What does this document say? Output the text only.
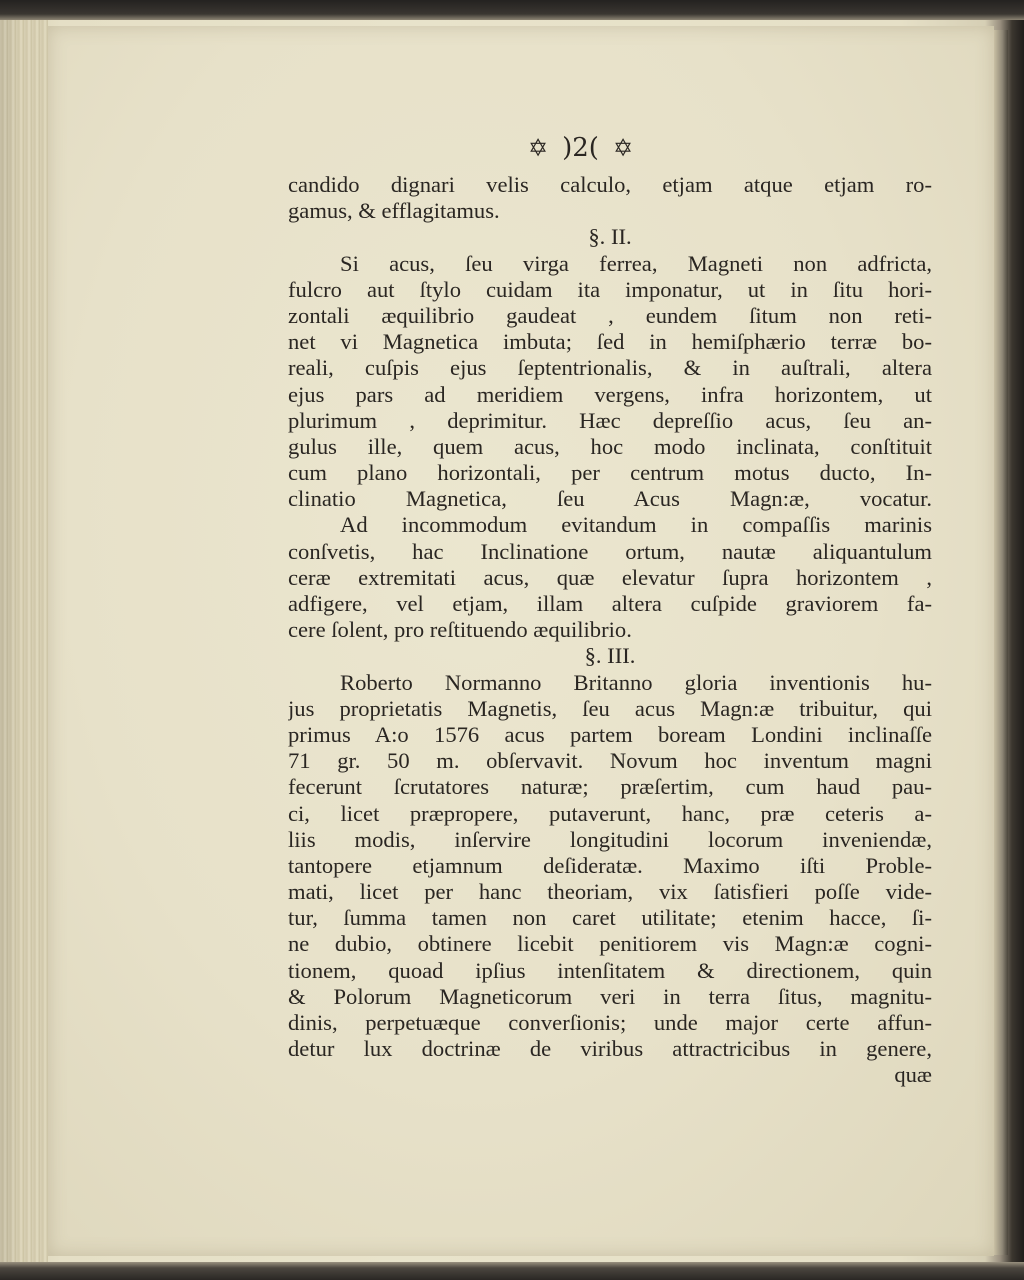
✡ )2( ✡
candido dignari velis calculo, etjam atque etjam ro-
gamus, & efflagitamus.
§. II.
Si acus, ſeu virga ferrea, Magneti non adfricta,
fulcro aut ſtylo cuidam ita imponatur, ut in ſitu hori-
zontali æquilibrio gaudeat , eundem ſitum non reti-
net vi Magnetica imbuta; ſed in hemiſphærio terræ bo-
reali, cuſpis ejus ſeptentrionalis, & in auſtrali, altera
ejus pars ad meridiem vergens, infra horizontem, ut
plurimum , deprimitur. Hæc depreſſio acus, ſeu an-
gulus ille, quem acus, hoc modo inclinata, conſtituit
cum plano horizontali, per centrum motus ducto, In-
clinatio Magnetica, ſeu Acus Magn:æ, vocatur.
Ad incommodum evitandum in compaſſis marinis
conſvetis, hac Inclinatione ortum, nautæ aliquantulum
ceræ extremitati acus, quæ elevatur ſupra horizontem ,
adfigere, vel etjam, illam altera cuſpide graviorem fa-
cere ſolent, pro reſtituendo æquilibrio.
§. III.
Roberto Normanno Britanno gloria inventionis hu-
jus proprietatis Magnetis, ſeu acus Magn:æ tribuitur, qui
primus A:o 1576 acus partem boream Londini inclinaſſe
71 gr. 50 m. obſervavit. Novum hoc inventum magni
fecerunt ſcrutatores naturæ; præſertim, cum haud pau-
ci, licet præpropere, putaverunt, hanc, præ ceteris a-
liis modis, inſervire longitudini locorum inveniendæ,
tantopere etjamnum deſideratæ. Maximo iſti Proble-
mati, licet per hanc theoriam, vix ſatisfieri poſſe vide-
tur, ſumma tamen non caret utilitate; etenim hacce, ſi-
ne dubio, obtinere licebit penitiorem vis Magn:æ cogni-
tionem, quoad ipſius intenſitatem & directionem, quin
& Polorum Magneticorum veri in terra ſitus, magnitu-
dinis, perpetuæque converſionis; unde major certe affun-
detur lux doctrinæ de viribus attractricibus in genere,
quæ
